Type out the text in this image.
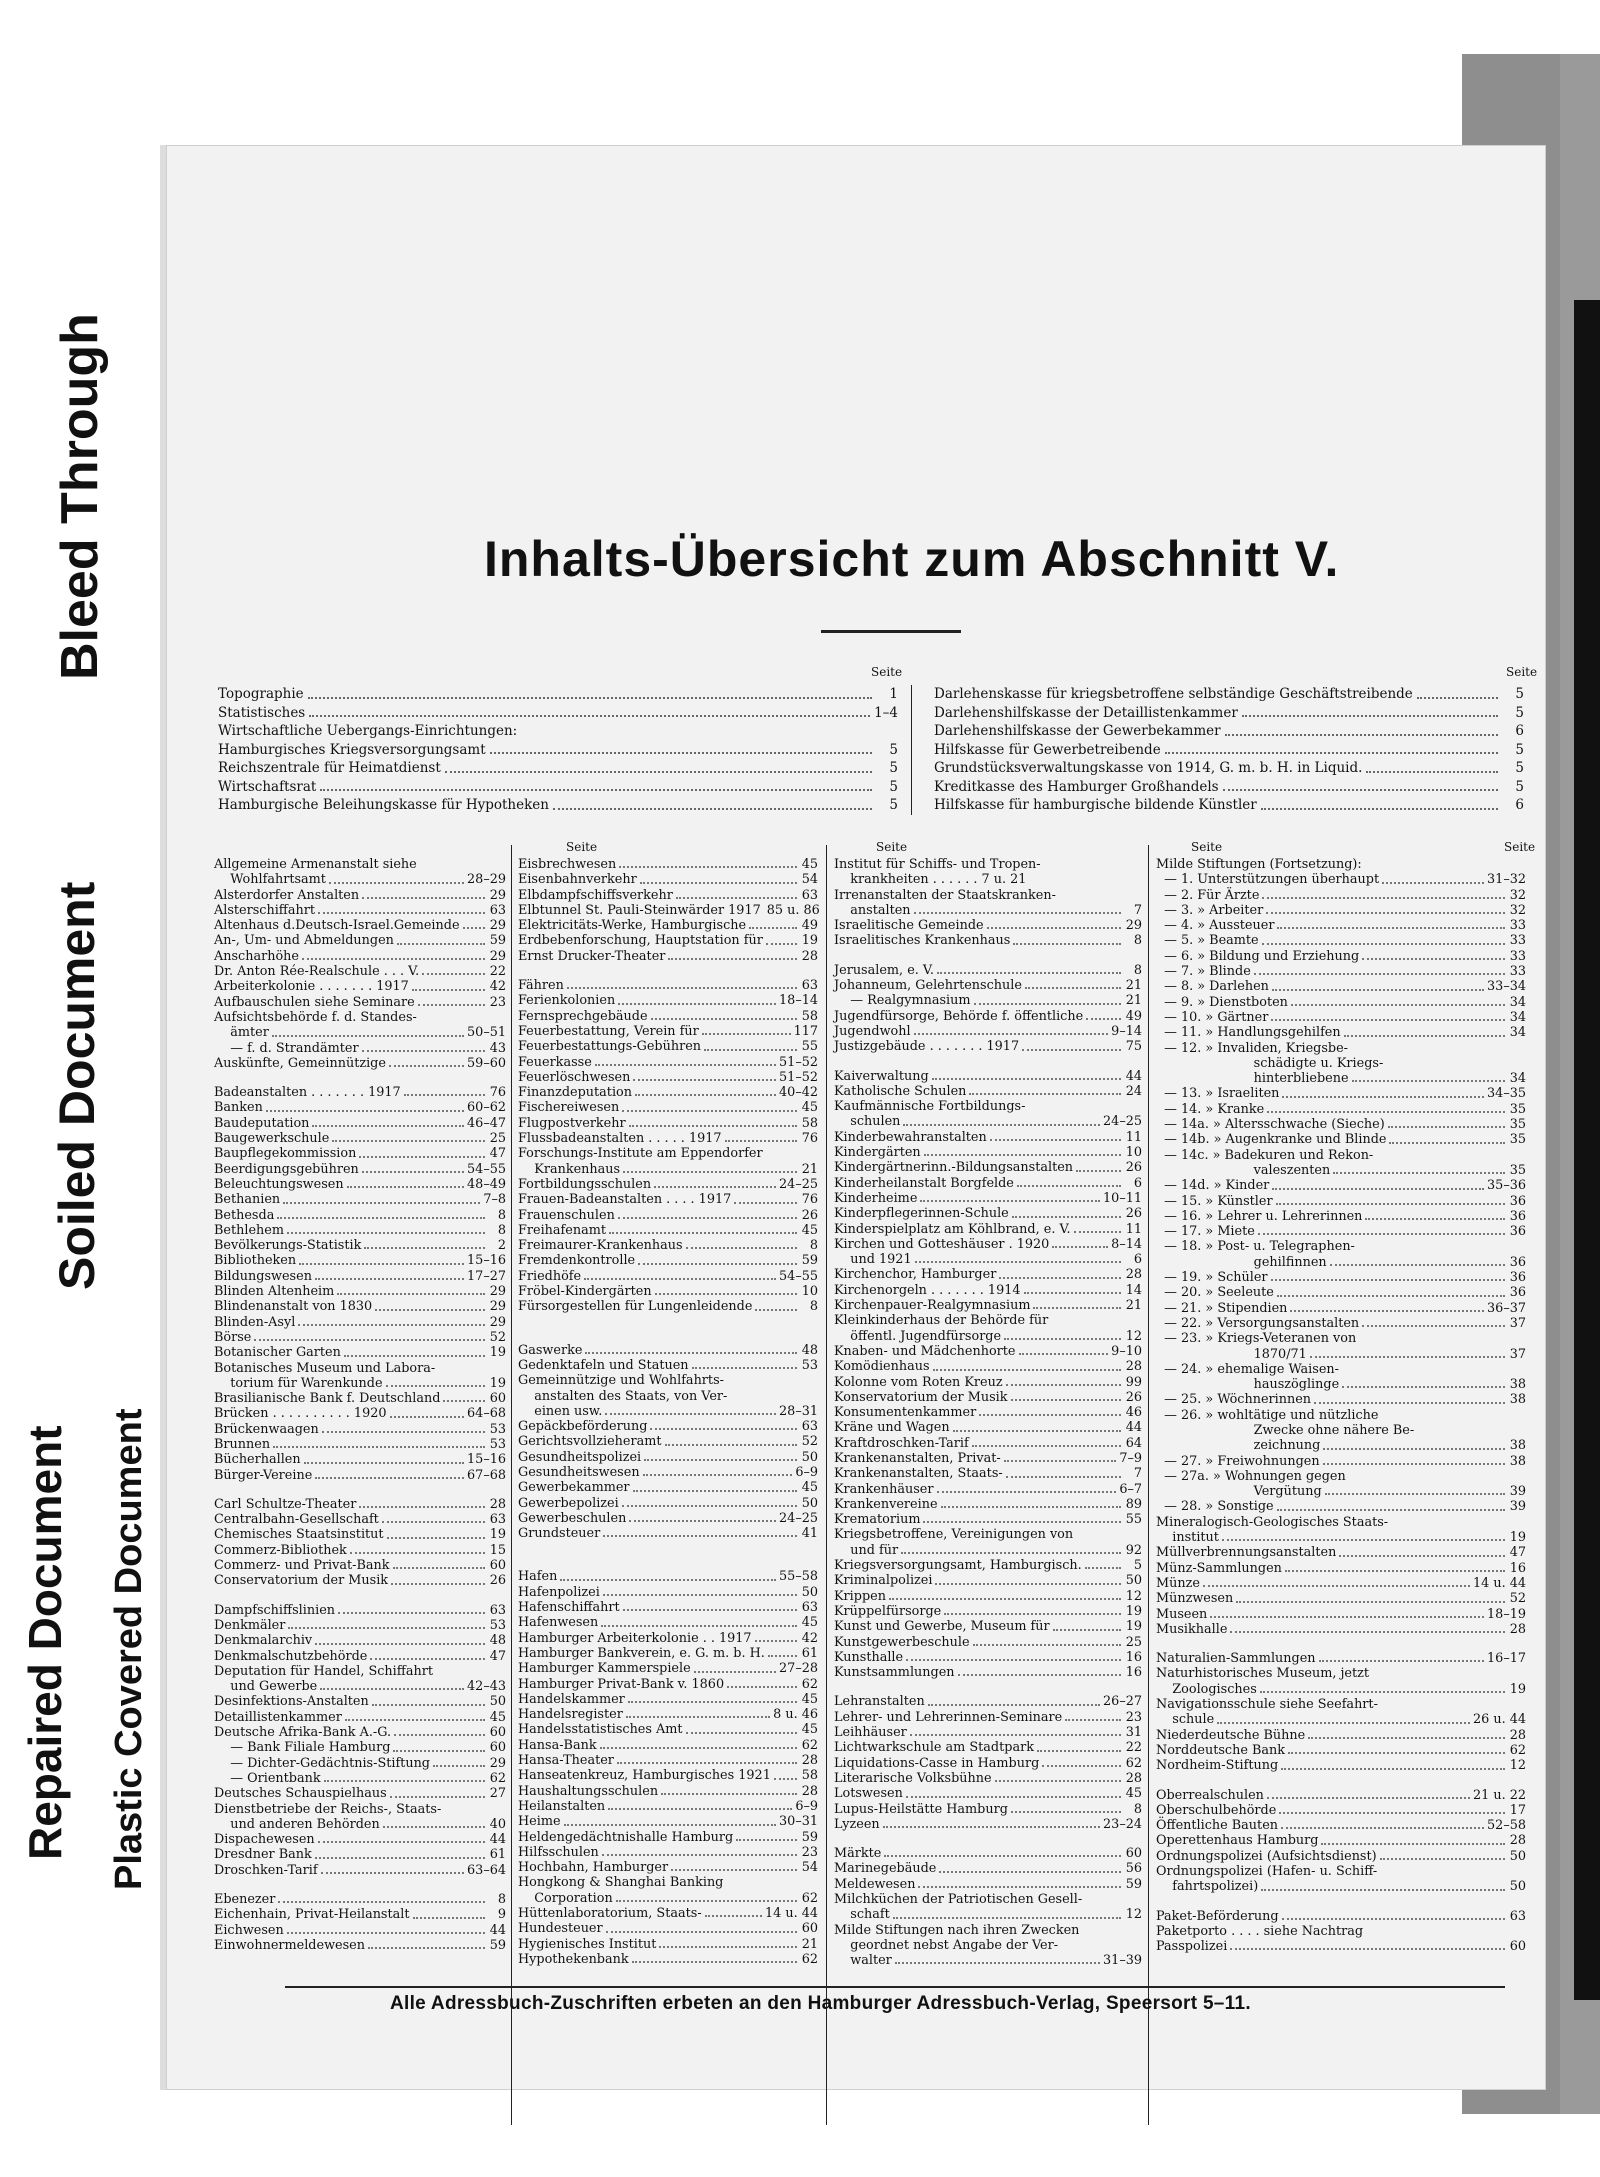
Bleed Through
Soiled Document
Repaired Document Plastic Covered Document
Inhalts-Übersicht zum Abschnitt V.
Seite	Seite
Topographie	1
Statistisches	1–4
Wirtschaftliche Uebergangs-Einrichtungen:
Hamburgisches Kriegsversorgungsamt	5
Reichszentrale für Heimatdienst	5
Wirtschaftsrat	5
Hamburgische Beleihungskasse für Hypotheken	5
Darlehenskasse für kriegsbetroffene selbständige Geschäftstreibende	5
Darlehenshilfskasse der Detaillistenkammer	5
Darlehenshilfskasse der Gewerbekammer	6
Hilfskasse für Gewerbetreibende	5
Grundstücksverwaltungskasse von 1914, G. m. b. H. in Liquid.	5
Kreditkasse des Hamburger Großhandels	5
Hilfskasse für hamburgische bildende Künstler	6
Seite	Seite	Seite	Seite
Allgemeine Armenanstalt siehe
Wohlfahrtsamt	28–29
Alsterdorfer Anstalten	29
Alsterschiffahrt	63
Altenhaus d.Deutsch-Israel.Gemeinde 29
An-, Um- und Abmeldungen	59
Anscharhöhe	29
Dr. Anton Rée-Realschule . . . V.	22
Arbeiterkolonie . . . . . . . 1917	42
Aufbauschulen siehe Seminare	23
Aufsichtsbehörde f. d. Standes-
ämter	50–51
— f. d. Strandämter	43
Auskünfte, Gemeinnützige	59–60
Badeanstalten . . . . . . . 1917	76
Banken	60–62
Baudeputation	46–47
Baugewerkschule	25
Baupflegekommission	47
Beerdigungsgebühren	54–55
Beleuchtungswesen	48–49
Bethanien	7–8
Bethesda	8
Bethlehem	8
Bevölkerungs-Statistik	2
Bibliotheken	15–16
Bildungswesen	17–27
Blinden Altenheim	29
Blindenanstalt von 1830	29
Blinden-Asyl	29
Börse	52
Botanischer Garten	19
Botanisches Museum und Labora-
torium für Warenkunde	19
Brasilianische Bank f. Deutschland	60
Brücken . . . . . . . . . . 1920	64–68
Brückenwaagen	53
Brunnen	53
Bücherhallen	15–16
Bürger-Vereine	67–68
Carl Schultze-Theater	28
Centralbahn-Gesellschaft	63
Chemisches Staatsinstitut	19
Commerz-Bibliothek	15
Commerz- und Privat-Bank	60
Conservatorium der Musik	26
Dampfschiffslinien	63
Denkmäler	53
Denkmalarchiv	48
Denkmalschutzbehörde	47
Deputation für Handel, Schiffahrt
und Gewerbe	42–43
Desinfektions-Anstalten	50
Detaillistenkammer	45
Deutsche Afrika-Bank A.-G.	60
— Bank Filiale Hamburg	60
— Dichter-Gedächtnis-Stiftung	29
— Orientbank	62
Deutsches Schauspielhaus	27
Dienstbetriebe der Reichs-, Staats-
und anderen Behörden	40
Dispachewesen	44
Dresdner Bank	61
Droschken-Tarif	63–64
Ebenezer	8
Eichenhain, Privat-Heilanstalt	9
Eichwesen	44
Einwohnermeldewesen	59
Eisbrechwesen	45
Eisenbahnverkehr	54
Elbdampfschiffsverkehr	63
Elbtunnel St. Pauli-Steinwärder 1917 85 u. 86
Elektricitäts-Werke, Hamburgische	49
Erdbebenforschung, Hauptstation für	19
Ernst Drucker-Theater	28
Fähren	63
Ferienkolonien	18–14
Fernsprechgebäude	58
Feuerbestattung, Verein für	117
Feuerbestattungs-Gebühren	55
Feuerkasse	51–52
Feuerlöschwesen	51–52
Finanzdeputation	40–42
Fischereiwesen	45
Flugpostverkehr	58
Flussbadeanstalten . . . . . 1917	76
Forschungs-Institute am Eppendorfer
Krankenhaus	21
Fortbildungsschulen	24–25
Frauen-Badeanstalten . . . . 1917	76
Frauenschulen	26
Freihafenamt	45
Freimaurer-Krankenhaus	8
Fremdenkontrolle	59
Friedhöfe	54–55
Fröbel-Kindergärten	10
Fürsorgestellen für Lungenleidende	8
Gaswerke	48
Gedenktafeln und Statuen	53
Gemeinnützige und Wohlfahrts-
anstalten des Staats, von Ver-
einen usw.	28–31
Gepäckbeförderung	63
Gerichtsvollzieheramt	52
Gesundheitspolizei	50
Gesundheitswesen	6–9
Gewerbekammer	45
Gewerbepolizei	50
Gewerbeschulen	24–25
Grundsteuer	41
Hafen	55–58
Hafenpolizei	50
Hafenschiffahrt	63
Hafenwesen	45
Hamburger Arbeiterkolonie . . 1917	42
Hamburger Bankverein, e. G. m. b. H.	61
Hamburger Kammerspiele	27–28
Hamburger Privat-Bank v. 1860	62
Handelskammer	45
Handelsregister	8 u. 46
Handelsstatistisches Amt	45
Hansa-Bank	62
Hansa-Theater	28
Hanseatenkreuz, Hamburgisches 1921 58
Haushaltungsschulen	28
Heilanstalten	6–9
Heime	30–31
Heldengedächtnishalle Hamburg	59
Hilfsschulen	23
Hochbahn, Hamburger	54
Hongkong & Shanghai Banking
Corporation	62
Hüttenlaboratorium, Staats-	14 u. 44
Hundesteuer	60
Hygienisches Institut	21
Hypothekenbank	62
Institut für Schiffs- und Tropen-
krankheiten . . . . . . 7 u. 21
Irrenanstalten der Staatskranken-
anstalten	7
Israelitische Gemeinde	29
Israelitisches Krankenhaus	8
Jerusalem, e. V.	8
Johanneum, Gelehrtenschule	21
— Realgymnasium	21
Jugendfürsorge, Behörde f. öffentliche	49
Jugendwohl	9–14
Justizgebäude . . . . . . . 1917	75
Kaiverwaltung	44
Katholische Schulen	24
Kaufmännische Fortbildungs-
schulen	24–25
Kinderbewahranstalten	11
Kindergärten	10
Kindergärtnerinn.-Bildungsanstalten	26
Kinderheilanstalt Borgfelde	6
Kinderheime	10–11
Kinderpflegerinnen-Schule	26
Kinderspielplatz am Köhlbrand, e. V.	11
Kirchen und Gotteshäuser . 1920	8–14
und 1921	6
Kirchenchor, Hamburger	28
Kirchenorgeln . . . . . . . 1914	14
Kirchenpauer-Realgymnasium	21
Kleinkinderhaus der Behörde für
öffentl. Jugendfürsorge	12
Knaben- und Mädchenhorte	9–10
Komödienhaus	28
Kolonne vom Roten Kreuz	99
Konservatorium der Musik	26
Konsumentenkammer	46
Kräne und Wagen	44
Kraftdroschken-Tarif	64
Krankenanstalten, Privat-	7–9
Krankenanstalten, Staats-	7
Krankenhäuser	6–7
Krankenvereine	89
Krematorium	55
Kriegsbetroffene, Vereinigungen von
und für	92
Kriegsversorgungsamt, Hamburgisch.	5
Kriminalpolizei	50
Krippen	12
Krüppelfürsorge	19
Kunst und Gewerbe, Museum für	19
Kunstgewerbeschule	25
Kunsthalle	16
Kunstsammlungen	16
Lehranstalten	26–27
Lehrer- und Lehrerinnen-Seminare	23
Leihhäuser	31
Lichtwarkschule am Stadtpark	22
Liquidations-Casse in Hamburg	62
Literarische Volksbühne	28
Lotswesen	45
Lupus-Heilstätte Hamburg	8
Lyzeen	23–24
Märkte	60
Marinegebäude	56
Meldewesen	59
Milchküchen der Patriotischen Gesell-
schaft	12
Milde Stiftungen nach ihren Zwecken
geordnet nebst Angabe der Ver-
walter	31–39
Milde Stiftungen (Fortsetzung):
— 1. Unterstützungen überhaupt	31–32
— 2. Für Ärzte	32
— 3. » Arbeiter	32
— 4. » Aussteuer	33
— 5. » Beamte	33
— 6. » Bildung und Erziehung	33
— 7. » Blinde	33
— 8. » Darlehen	33–34
— 9. » Dienstboten	34
— 10. » Gärtner	34
— 11. » Handlungsgehilfen	34
— 12. » Invaliden, Kriegsbe-
schädigte u. Kriegs-
hinterbliebene	34
— 13. » Israeliten	34–35
— 14. » Kranke	35
— 14a. » Altersschwache (Sieche)	35
— 14b. » Augenkranke und Blinde	35
— 14c. » Badekuren und Rekon-
valeszenten	35
— 14d. » Kinder	35–36
— 15. » Künstler	36
— 16. » Lehrer u. Lehrerinnen	36
— 17. » Miete	36
— 18. » Post- u. Telegraphen-
gehilfinnen	36
— 19. » Schüler	36
— 20. » Seeleute	36
— 21. » Stipendien	36–37
— 22. » Versorgungsanstalten	37
— 23. » Kriegs-Veteranen von
1870/71	37
— 24. » ehemalige Waisen-
hauszöglinge	38
— 25. » Wöchnerinnen	38
— 26. » wohltätige und nützliche
Zwecke ohne nähere Be-
zeichnung	38
— 27. » Freiwohnungen	38
— 27a. » Wohnungen gegen
Vergütung	39
— 28. » Sonstige	39
Mineralogisch-Geologisches Staats-
institut	19
Müllverbrennungsanstalten	47
Münz-Sammlungen	16
Münze	14 u. 44
Münzwesen	52
Museen	18–19
Musikhalle	28
Naturalien-Sammlungen	16–17
Naturhistorisches Museum, jetzt
Zoologisches	19
Navigationsschule siehe Seefahrt-
schule	26 u. 44
Niederdeutsche Bühne	28
Norddeutsche Bank	62
Nordheim-Stiftung	12
Oberrealschulen	21 u. 22
Oberschulbehörde	17
Öffentliche Bauten	52–58
Operettenhaus Hamburg	28
Ordnungspolizei (Aufsichtsdienst)	50
Ordnungspolizei (Hafen- u. Schiff-
fahrtspolizei)	50
Paket-Beförderung	63
Paketporto . . . . siehe Nachtrag
Passpolizei	60
Alle Adressbuch-Zuschriften erbeten an den Hamburger Adressbuch-Verlag, Speersort 5–11.
